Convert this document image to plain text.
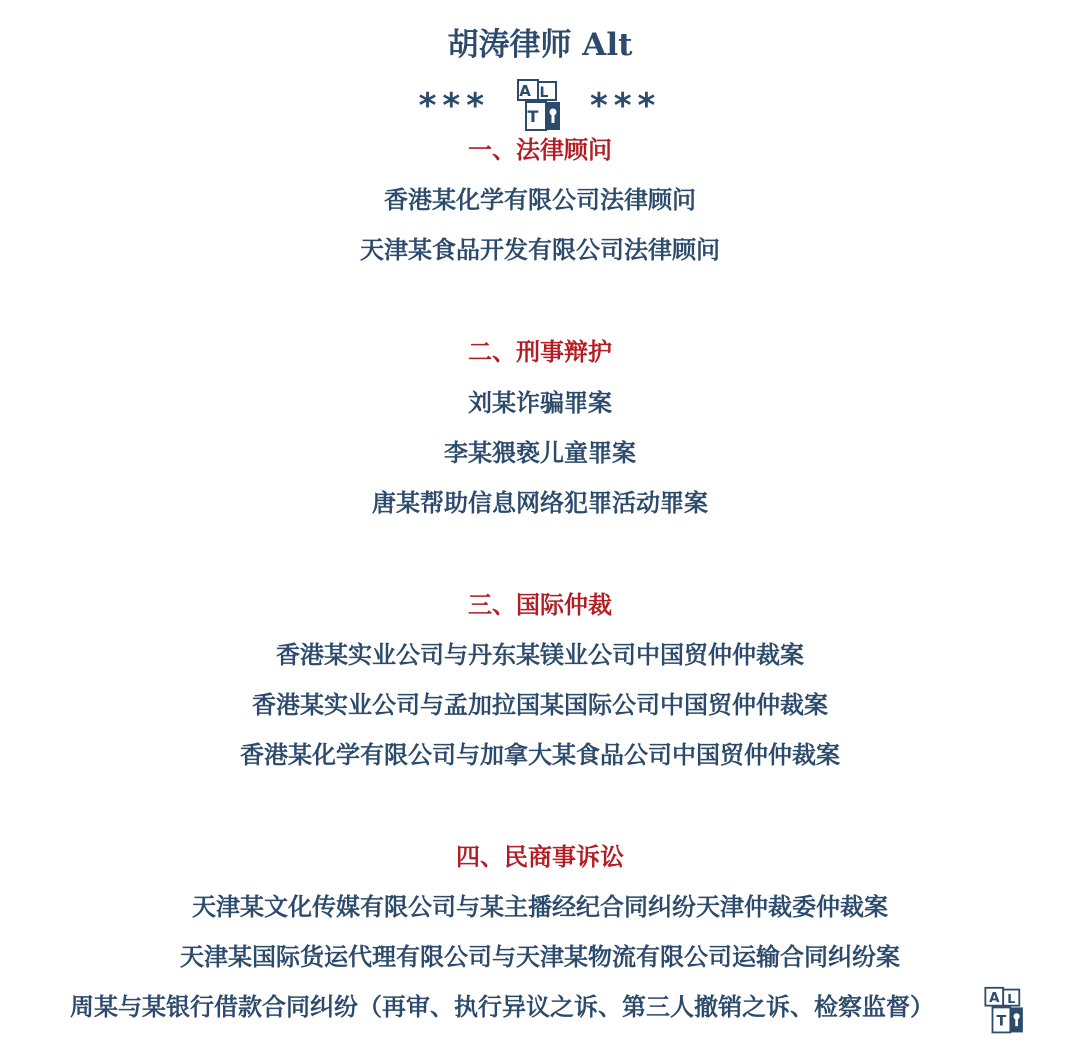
胡涛律师 Alt
***	***
一、法律顾问
香港某化学有限公司法律顾问
天津某食品开发有限公司法律顾问
二、刑事辩护
刘某诈骗罪案
李某猥亵儿童罪案
唐某帮助信息网络犯罪活动罪案
三、国际仲裁
香港某实业公司与丹东某镁业公司中国贸仲仲裁案
香港某实业公司与孟加拉国某国际公司中国贸仲仲裁案
香港某化学有限公司与加拿大某食品公司中国贸仲仲裁案
四、民商事诉讼
天津某文化传媒有限公司与某主播经纪合同纠纷天津仲裁委仲裁案
天津某国际货运代理有限公司与天津某物流有限公司运输合同纠纷案
周某与某银行借款合同纠纷（再审、执行异议之诉、第三人撤销之诉、检察监督）
